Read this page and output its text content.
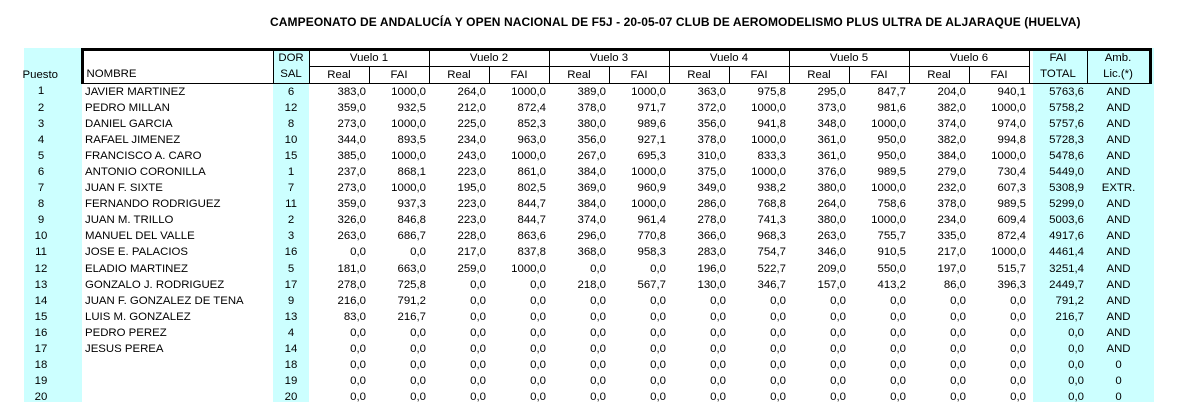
CAMPEONATO DE ANDALUCÍA Y OPEN NACIONAL DE F5J - 20-05-07 CLUB DE AEROMODELISMO PLUS ULTRA DE ALJARAQUE (HUELVA)
		DOR	Vuelo 1		Vuelo 2		Vuelo 3		Vuelo 4		Vuelo 5		Vuelo 6		FAI	Amb.
Puesto	NOMBRE	SAL	Real	FAI	Real	FAI	Real	FAI	Real	FAI	Real	FAI	Real	FAI	TOTAL	Lic.(*)
1	JAVIER MARTINEZ	6	383,0	1000,0	264,0	1000,0	389,0	1000,0	363,0	975,8	295,0	847,7	204,0	940,1	5763,6	AND
2	PEDRO MILLAN	12	359,0	932,5	212,0	872,4	378,0	971,7	372,0	1000,0	373,0	981,6	382,0	1000,0	5758,2	AND
3	DANIEL GARCIA	8	273,0	1000,0	225,0	852,3	380,0	989,6	356,0	941,8	348,0	1000,0	374,0	974,0	5757,6	AND
4	RAFAEL JIMENEZ	10	344,0	893,5	234,0	963,0	356,0	927,1	378,0	1000,0	361,0	950,0	382,0	994,8	5728,3	AND
5	FRANCISCO A. CARO	15	385,0	1000,0	243,0	1000,0	267,0	695,3	310,0	833,3	361,0	950,0	384,0	1000,0	5478,6	AND
6	ANTONIO CORONILLA	1	237,0	868,1	223,0	861,0	384,0	1000,0	375,0	1000,0	376,0	989,5	279,0	730,4	5449,0	AND
7	JUAN F. SIXTE	7	273,0	1000,0	195,0	802,5	369,0	960,9	349,0	938,2	380,0	1000,0	232,0	607,3	5308,9	EXTR.
8	FERNANDO RODRIGUEZ	11	359,0	937,3	223,0	844,7	384,0	1000,0	286,0	768,8	264,0	758,6	378,0	989,5	5299,0	AND
9	JUAN M. TRILLO	2	326,0	846,8	223,0	844,7	374,0	961,4	278,0	741,3	380,0	1000,0	234,0	609,4	5003,6	AND
10	MANUEL DEL VALLE	3	263,0	686,7	228,0	863,6	296,0	770,8	366,0	968,3	263,0	755,7	335,0	872,4	4917,6	AND
11	JOSE E. PALACIOS	16	0,0	0,0	217,0	837,8	368,0	958,3	283,0	754,7	346,0	910,5	217,0	1000,0	4461,4	AND
12	ELADIO MARTINEZ	5	181,0	663,0	259,0	1000,0	0,0	0,0	196,0	522,7	209,0	550,0	197,0	515,7	3251,4	AND
13	GONZALO J. RODRIGUEZ	17	278,0	725,8	0,0	0,0	218,0	567,7	130,0	346,7	157,0	413,2	86,0	396,3	2449,7	AND
14	JUAN F. GONZALEZ DE TENA	9	216,0	791,2	0,0	0,0	0,0	0,0	0,0	0,0	0,0	0,0	0,0	0,0	791,2	AND
15	LUIS M. GONZALEZ	13	83,0	216,7	0,0	0,0	0,0	0,0	0,0	0,0	0,0	0,0	0,0	0,0	216,7	AND
16	PEDRO PEREZ	4	0,0	0,0	0,0	0,0	0,0	0,0	0,0	0,0	0,0	0,0	0,0	0,0	0,0	AND
17	JESUS PEREA	14	0,0	0,0	0,0	0,0	0,0	0,0	0,0	0,0	0,0	0,0	0,0	0,0	0,0	AND
18		18	0,0	0,0	0,0	0,0	0,0	0,0	0,0	0,0	0,0	0,0	0,0	0,0	0,0	0
19		19	0,0	0,0	0,0	0,0	0,0	0,0	0,0	0,0	0,0	0,0	0,0	0,0	0,0	0
20		20	0,0	0,0	0,0	0,0	0,0	0,0	0,0	0,0	0,0	0,0	0,0	0,0	0,0	0
